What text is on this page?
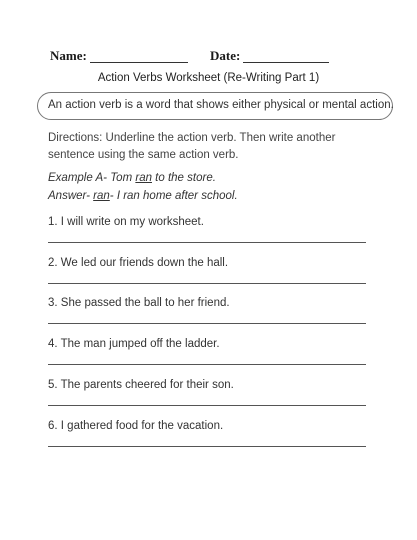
Name:	Date:
Action Verbs Worksheet (Re-Writing Part 1)
An action verb is a word that shows either physical or mental action.
Directions: Underline the action verb. Then write another sentence using the same action verb.
Example A- Tom ran to the store.
Answer- ran- I ran home after school.
1. I will write on my worksheet.
2. We led our friends down the hall.
3. She passed the ball to her friend.
4. The man jumped off the ladder.
5. The parents cheered for their son.
6. I gathered food for the vacation.
